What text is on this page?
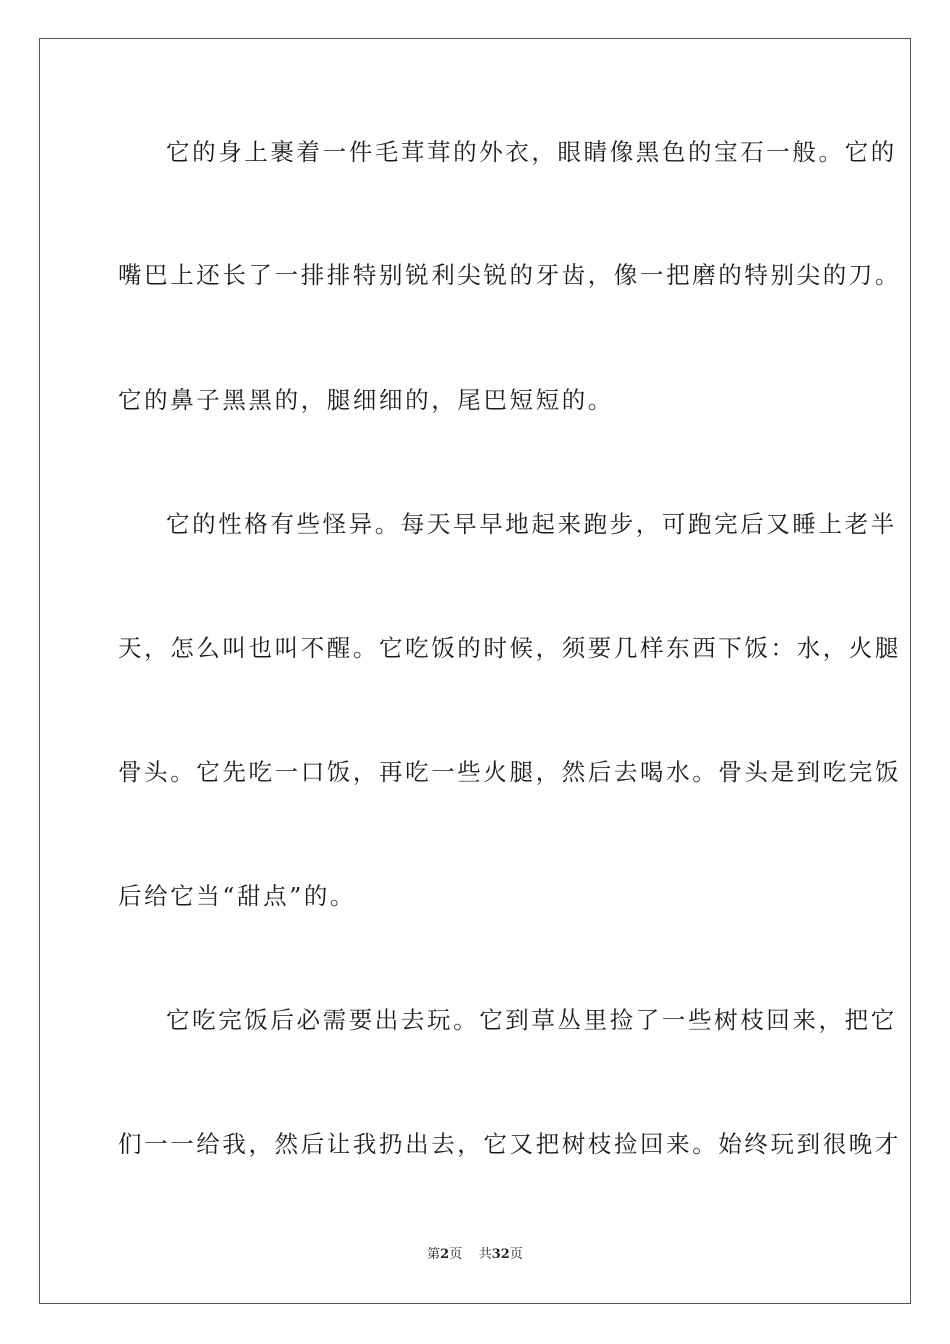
它的身上裹着一件毛茸茸的外衣，眼睛像黑色的宝石一般。它的
嘴巴上还长了一排排特别锐利尖锐的牙齿，像一把磨的特别尖的刀。
它的鼻子黑黑的，腿细细的，尾巴短短的。
它的性格有些怪异。每天早早地起来跑步，可跑完后又睡上老半
天，怎么叫也叫不醒。它吃饭的时候，须要几样东西下饭：水，火腿
骨头。它先吃一口饭，再吃一些火腿，然后去喝水。骨头是到吃完饭
后给它当“甜点”的。
它吃完饭后必需要出去玩。它到草丛里捡了一些树枝回来，把它
们一一给我，然后让我扔出去，它又把树枝捡回来。始终玩到很晚才
第2页 共32页
